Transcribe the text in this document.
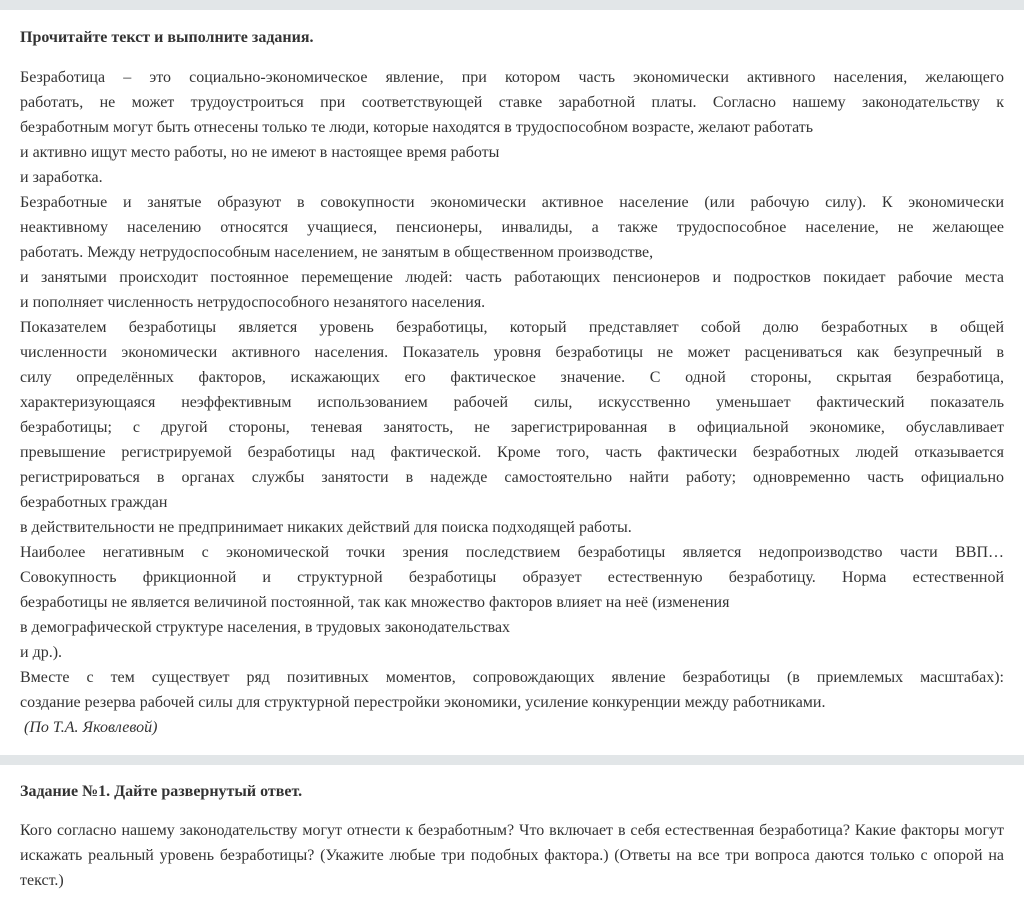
Прочитайте текст и выполните задания.
Безработица – это социально-экономическое явление, при котором часть экономически активного населения, желающего
работать, не может трудоустроиться при соответствующей ставке заработной платы. Согласно нашему законодательству к
безработным могут быть отнесены только те люди, которые находятся в трудоспособном возрасте, желают работать
и активно ищут место работы, но не имеют в настоящее время работы
и заработка.
Безработные и занятые образуют в совокупности экономически активное население (или рабочую силу). К экономически
неактивному населению относятся учащиеся, пенсионеры, инвалиды, а также трудоспособное население, не желающее
работать. Между нетрудоспособным населением, не занятым в общественном производстве,
и занятыми происходит постоянное перемещение людей: часть работающих пенсионеров и подростков покидает рабочие места
и пополняет численность нетрудоспособного незанятого населения.
Показателем безработицы является уровень безработицы, который представляет собой долю безработных в общей
численности экономически активного населения. Показатель уровня безработицы не может расцениваться как безупречный в
силу определённых факторов, искажающих его фактическое значение. С одной стороны, скрытая безработица,
характеризующаяся неэффективным использованием рабочей силы, искусственно уменьшает фактический показатель
безработицы; с другой стороны, теневая занятость, не зарегистрированная в официальной экономике, обуславливает
превышение регистрируемой безработицы над фактической. Кроме того, часть фактически безработных людей отказывается
регистрироваться в органах службы занятости в надежде самостоятельно найти работу; одновременно часть официально
безработных граждан
в действительности не предпринимает никаких действий для поиска подходящей работы.
Наиболее негативным с экономической точки зрения последствием безработицы является недопроизводство части ВВП…
Совокупность фрикционной и структурной безработицы образует естественную безработицу. Норма естественной
безработицы не является величиной постоянной, так как множество факторов влияет на неё (изменения
в демографической структуре населения, в трудовых законодательствах
и др.).
Вместе с тем существует ряд позитивных моментов, сопровождающих явление безработицы (в приемлемых масштабах):
создание резерва рабочей силы для структурной перестройки экономики, усиление конкуренции между работниками.
(По Т.А. Яковлевой)
Задание №1. Дайте развернутый ответ.
Кого согласно нашему законодательству могут отнести к безработным? Что включает в себя естественная безработица? Какие факторы могут искажать реальный уровень безработицы? (Укажите любые три подобных фактора.) (Ответы на все три вопроса даются только с опорой на текст.)
